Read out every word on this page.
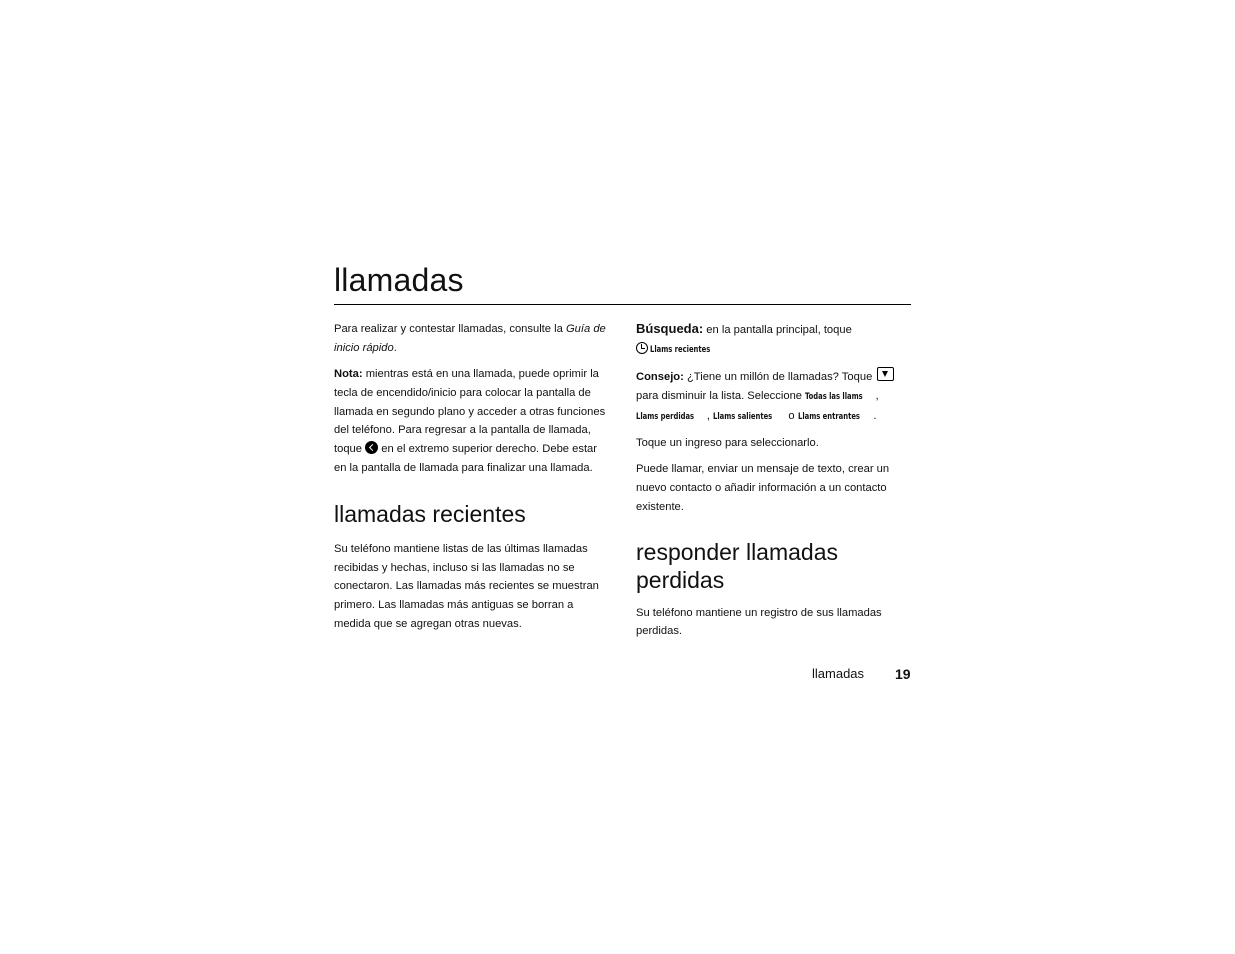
llamadas

Para realizar y contestar llamadas, consulte la Guía de inicio rápido.

Nota: mientras está en una llamada, puede oprimir la tecla de encendido/inicio para colocar la pantalla de llamada en segundo plano y acceder a otras funciones del teléfono. Para regresar a la pantalla de llamada, toque  en el extremo superior derecho. Debe estar en la pantalla de llamada para finalizar una llamada.

llamadas recientes

Su teléfono mantiene listas de las últimas llamadas recibidas y hechas, incluso si las llamadas no se conectaron. Las llamadas más recientes se muestran primero. Las llamadas más antiguas se borran a medida que se agregan otras nuevas.

Búsqueda: en la pantalla principal, toque
Llams recientes

Consejo: ¿Tiene un millón de llamadas? Toque  para disminuir la lista. Seleccione Todas las llams ,
Llams perdidas , Llams salientes o Llams entrantes .

Toque un ingreso para seleccionarlo.

Puede llamar, enviar un mensaje de texto, crear un nuevo contacto o añadir información a un contacto existente.

responder llamadas perdidas

Su teléfono mantiene un registro de sus llamadas perdidas.

llamadas 19
